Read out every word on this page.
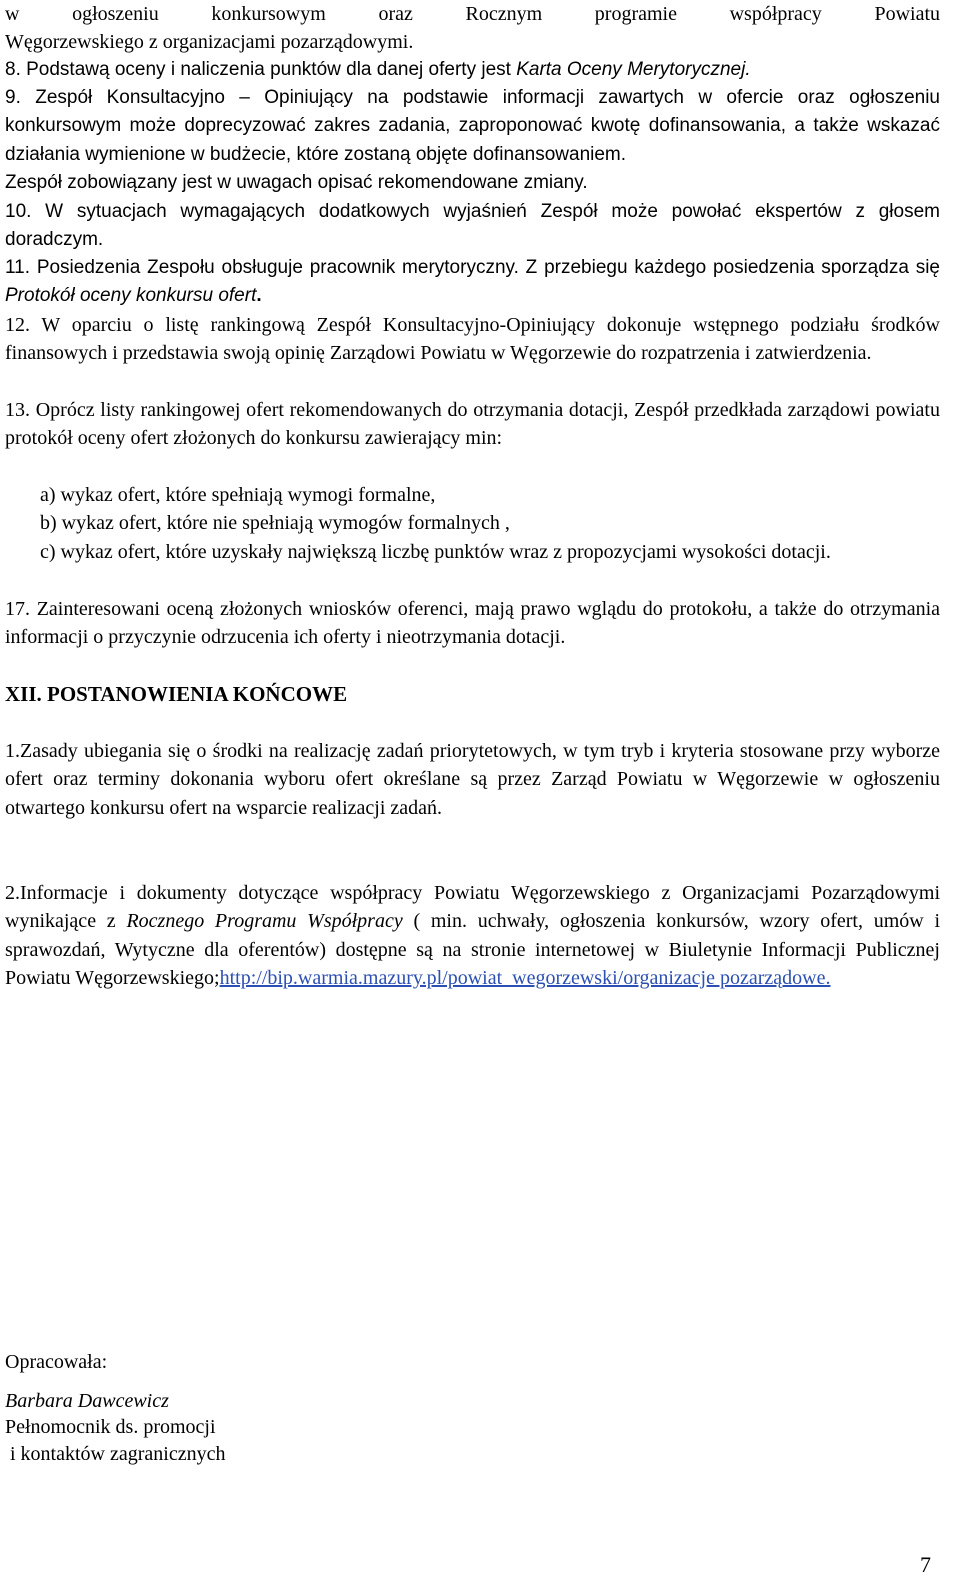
w ogłoszeniu konkursowym oraz Rocznym programie współpracy Powiatu

Węgorzewskiego z organizacjami pozarządowymi.

8. Podstawą oceny i naliczenia punktów dla danej oferty jest Karta Oceny Merytorycznej.

9. Zespół Konsultacyjno – Opiniujący na podstawie informacji zawartych w ofercie oraz ogłoszeniu konkursowym może doprecyzować zakres zadania, zaproponować kwotę dofinansowania, a także wskazać działania wymienione w budżecie, które zostaną objęte dofinansowaniem.

Zespół zobowiązany jest w uwagach opisać rekomendowane zmiany.

10. W sytuacjach wymagających dodatkowych wyjaśnień Zespół może powołać ekspertów z głosem doradczym.

11. Posiedzenia Zespołu obsługuje pracownik merytoryczny. Z przebiegu każdego posiedzenia sporządza się Protokół oceny konkursu ofert.

12. W oparciu o listę rankingową Zespół Konsultacyjno-Opiniujący dokonuje wstępnego podziału środków finansowych i przedstawia swoją opinię Zarządowi Powiatu w Węgorzewie do rozpatrzenia i zatwierdzenia.

13. Oprócz listy rankingowej ofert rekomendowanych do otrzymania dotacji, Zespół przedkłada zarządowi powiatu protokół oceny ofert złożonych do konkursu zawierający min:

a) wykaz ofert, które spełniają wymogi formalne,
b) wykaz ofert, które nie spełniają wymogów formalnych ,
c) wykaz ofert, które uzyskały największą liczbę punktów wraz z propozycjami wysokości dotacji.

17. Zainteresowani oceną złożonych wniosków oferenci, mają prawo wglądu do protokołu, a także do otrzymania informacji o przyczynie odrzucenia ich oferty i nieotrzymania dotacji.

XII. POSTANOWIENIA KOŃCOWE

1.Zasady ubiegania się o środki na realizację zadań priorytetowych, w tym tryb i kryteria stosowane przy wyborze ofert oraz terminy dokonania wyboru ofert określane są przez Zarząd Powiatu w Węgorzewie w ogłoszeniu otwartego konkursu ofert na wsparcie realizacji zadań.

2.Informacje i dokumenty dotyczące współpracy Powiatu Węgorzewskiego z Organizacjami Pozarządowymi wynikające z Rocznego Programu Współpracy ( min. uchwały, ogłoszenia konkursów, wzory ofert, umów i sprawozdań, Wytyczne dla oferentów) dostępne są na stronie internetowej w Biuletynie Informacji Publicznej Powiatu Węgorzewskiego;http://bip.warmia.mazury.pl/powiat_wegorzewski/organizacje pozarządowe.

Opracowała:
Barbara Dawcewicz
Pełnomocnik ds. promocji
i kontaktów zagranicznych
7
